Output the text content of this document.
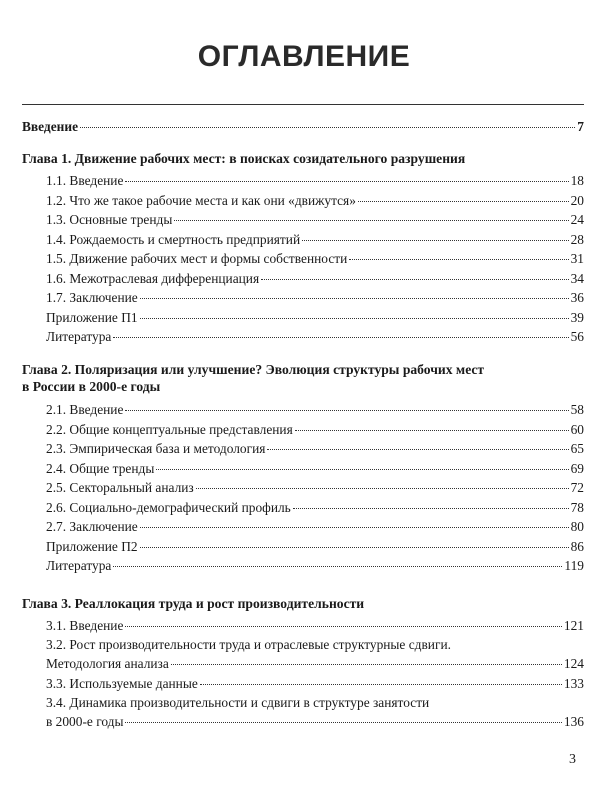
ОГЛАВЛЕНИЕ
Введение	7
Глава 1. Движение рабочих мест: в поисках созидательного разрушения
1.1. Введение	18
1.2. Что же такое рабочие места и как они «движутся»	20
1.3. Основные тренды	24
1.4. Рождаемость и смертность предприятий	28
1.5. Движение рабочих мест и формы собственности	31
1.6. Межотраслевая дифференциация	34
1.7. Заключение	36
Приложение П1	39
Литература	56
Глава 2. Поляризация или улучшение? Эволюция структуры рабочих мест
в России в 2000-е годы
2.1. Введение	58
2.2. Общие концептуальные представления	60
2.3. Эмпирическая база и методология	65
2.4. Общие тренды	69
2.5. Секторальный анализ	72
2.6. Социально-демографический профиль	78
2.7. Заключение	80
Приложение П2	86
Литература	119
Глава 3. Реаллокация труда и рост производительности
3.1. Введение	121
3.2. Рост производительности труда и отраслевые структурные сдвиги.
Методология анализа	124
3.3. Используемые данные	133
3.4. Динамика производительности и сдвиги в структуре занятости
в 2000-е годы	136
3
